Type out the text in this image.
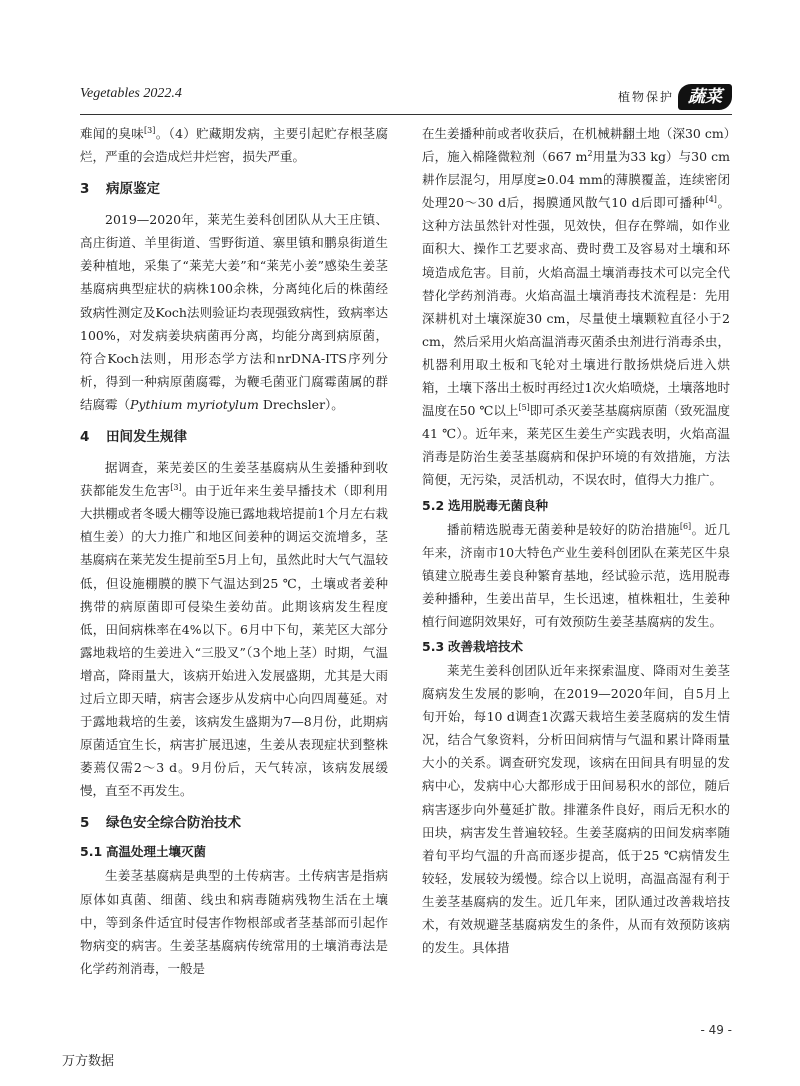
Vegetables 2022.4	植物保护 蔬菜

难闻的臭味[3]。（4）贮藏期发病，主要引起贮存根茎腐烂，严重的会造成烂井烂窖，损失严重。

3 病原鉴定

2019—2020年，莱芜生姜科创团队从大王庄镇、高庄街道、羊里街道、雪野街道、寨里镇和鹏泉街道生姜种植地，采集了“莱芜大姜”和“莱芜小姜”感染生姜茎基腐病典型症状的病株100余株，分离纯化后的株菌经致病性测定及Koch法则验证均表现强致病性，致病率达100%，对发病姜块病菌再分离，均能分离到病原菌，符合Koch法则，用形态学方法和nrDNA-ITS序列分析，得到一种病原菌腐霉，为鞭毛菌亚门腐霉菌属的群结腐霉（Pythium myriotylum Drechsler）。

4 田间发生规律

据调查，莱芜姜区的生姜茎基腐病从生姜播种到收获都能发生危害[3]。由于近年来生姜早播技术（即利用大拱棚或者冬暖大棚等设施已露地栽培提前1个月左右栽植生姜）的大力推广和地区间姜种的调运交流增多，茎基腐病在莱芜发生提前至5月上旬，虽然此时大气气温较低，但设施棚膜的膜下气温达到25 ℃，土壤或者姜种携带的病原菌即可侵染生姜幼苗。此期该病发生程度低，田间病株率在4%以下。6月中下旬，莱芜区大部分露地栽培的生姜进入“三股叉”（3个地上茎）时期，气温增高，降雨量大，该病开始进入发展盛期，尤其是大雨过后立即天晴，病害会逐步从发病中心向四周蔓延。对于露地栽培的生姜，该病发生盛期为7—8月份，此期病原菌适宜生长，病害扩展迅速，生姜从表现症状到整株萎蔫仅需2～3 d。9月份后，天气转凉，该病发展缓慢，直至不再发生。

5 绿色安全综合防治技术
5.1 高温处理土壤灭菌

生姜茎基腐病是典型的土传病害。土传病害是指病原体如真菌、细菌、线虫和病毒随病残物生活在土壤中，等到条件适宜时侵害作物根部或者茎基部而引起作物病变的病害。生姜茎基腐病传统常用的土壤消毒法是化学药剂消毒，一般是

在生姜播种前或者收获后，在机械耕翻土地（深30 cm）后，施入棉隆微粒剂（667 $m^2$用量为33 kg）与30 cm耕作层混匀，用厚度≥0.04 mm的薄膜覆盖，连续密闭处理20～30 d后，揭膜通风散气10 d后即可播种[4]。这种方法虽然针对性强，见效快，但存在弊端，如作业面积大、操作工艺要求高、费时费工及容易对土壤和环境造成危害。目前，火焰高温土壤消毒技术可以完全代替化学药剂消毒。火焰高温土壤消毒技术流程是：先用深耕机对土壤深旋30 cm，尽量使土壤颗粒直径小于2 cm，然后采用火焰高温消毒灭菌杀虫剂进行消毒杀虫，机器利用取土板和飞轮对土壤进行散扬烘烧后进入烘箱，土壤下落出土板时再经过1次火焰喷烧，土壤落地时温度在50 ℃以上[5]即可杀灭姜茎基腐病原菌（致死温度41 ℃）。近年来，莱芜区生姜生产实践表明，火焰高温消毒是防治生姜茎基腐病和保护环境的有效措施，方法简便，无污染，灵活机动，不误农时，值得大力推广。

5.2 选用脱毒无菌良种

播前精选脱毒无菌姜种是较好的防治措施[6]。近几年来，济南市10大特色产业生姜科创团队在莱芜区牛泉镇建立脱毒生姜良种繁育基地，经试验示范，选用脱毒姜种播种，生姜出苗早，生长迅速，植株粗壮，生姜种植行间遮阴效果好，可有效预防生姜茎基腐病的发生。

5.3 改善栽培技术

莱芜生姜科创团队近年来探索温度、降雨对生姜茎腐病发生发展的影响，在2019—2020年间，自5月上旬开始，每10 d调查1次露天栽培生姜茎腐病的发生情况，结合气象资料，分析田间病情与气温和累计降雨量大小的关系。调查研究发现，该病在田间具有明显的发病中心，发病中心大都形成于田间易积水的部位，随后病害逐步向外蔓延扩散。排灌条件良好，雨后无积水的田块，病害发生普遍较轻。生姜茎腐病的田间发病率随着旬平均气温的升高而逐步提高，低于25 ℃病情发生较轻，发展较为缓慢。综合以上说明，高温高湿有利于生姜茎基腐病的发生。近几年来，团队通过改善栽培技术，有效规避茎基腐病发生的条件，从而有效预防该病的发生。具体措

- 49 -
万方数据
